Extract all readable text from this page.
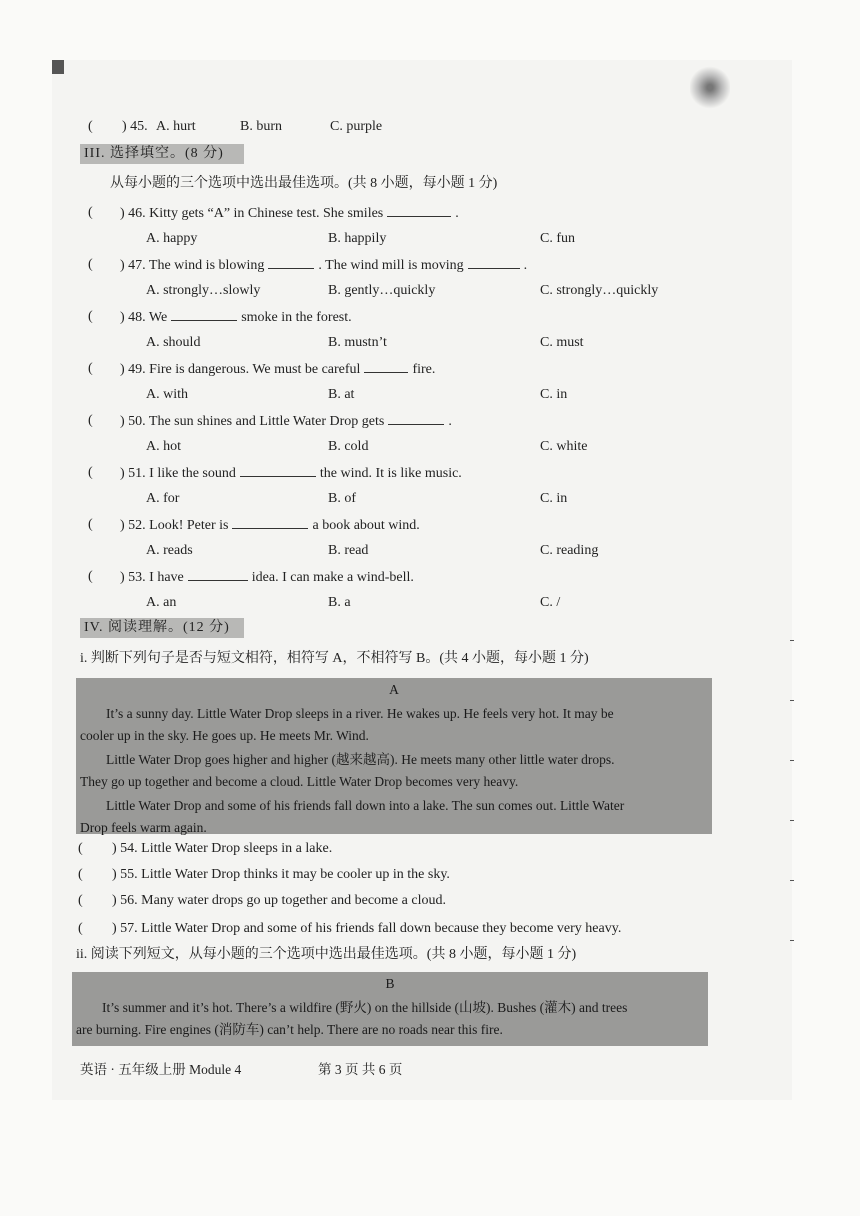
( ) 45. A. hurt	B. burn	C. purple
III. 选择填空。(8 分)
从每小题的三个选项中选出最佳选项。(共 8 小题，每小题 1 分)
( ) 46. Kitty gets “A” in Chinese test. She smiles	.
A. happy	B. happily	C. fun
( ) 47. The wind is blowing	. The wind mill is moving	.
A. strongly…slowly	B. gently…quickly	C. strongly…quickly
( ) 48. We	smoke in the forest.
A. should	B. mustn’t	C. must
( ) 49. Fire is dangerous. We must be careful	fire.
A. with	B. at	C. in
( ) 50. The sun shines and Little Water Drop gets	.
A. hot	B. cold	C. white
( ) 51. I like the sound	the wind. It is like music.
A. for	B. of	C. in
( ) 52. Look! Peter is	a book about wind.
A. reads	B. read	C. reading
( ) 53. I have	idea. I can make a wind-bell.
A. an	B. a	C. /
IV. 阅读理解。(12 分)
i. 判断下列句子是否与短文相符，相符写 A，不相符写 B。(共 4 小题，每小题 1 分)
A
It’s a sunny day. Little Water Drop sleeps in a river. He wakes up. He feels very hot. It may be
cooler up in the sky. He goes up. He meets Mr. Wind.
Little Water Drop goes higher and higher (越来越高). He meets many other little water drops.
They go up together and become a cloud. Little Water Drop becomes very heavy.
Little Water Drop and some of his friends fall down into a lake. The sun comes out. Little Water
Drop feels warm again.
( ) 54. Little Water Drop sleeps in a lake.
( ) 55. Little Water Drop thinks it may be cooler up in the sky.
( ) 56. Many water drops go up together and become a cloud.
( ) 57. Little Water Drop and some of his friends fall down because they become very heavy.
ii. 阅读下列短文，从每小题的三个选项中选出最佳选项。(共 8 小题，每小题 1 分)
B
It’s summer and it’s hot. There’s a wildfire (野火) on the hillside (山坡). Bushes (灌木) and trees
are burning. Fire engines (消防车) can’t help. There are no roads near this fire.
英语 · 五年级上册 Module 4	第 3 页 共 6 页
